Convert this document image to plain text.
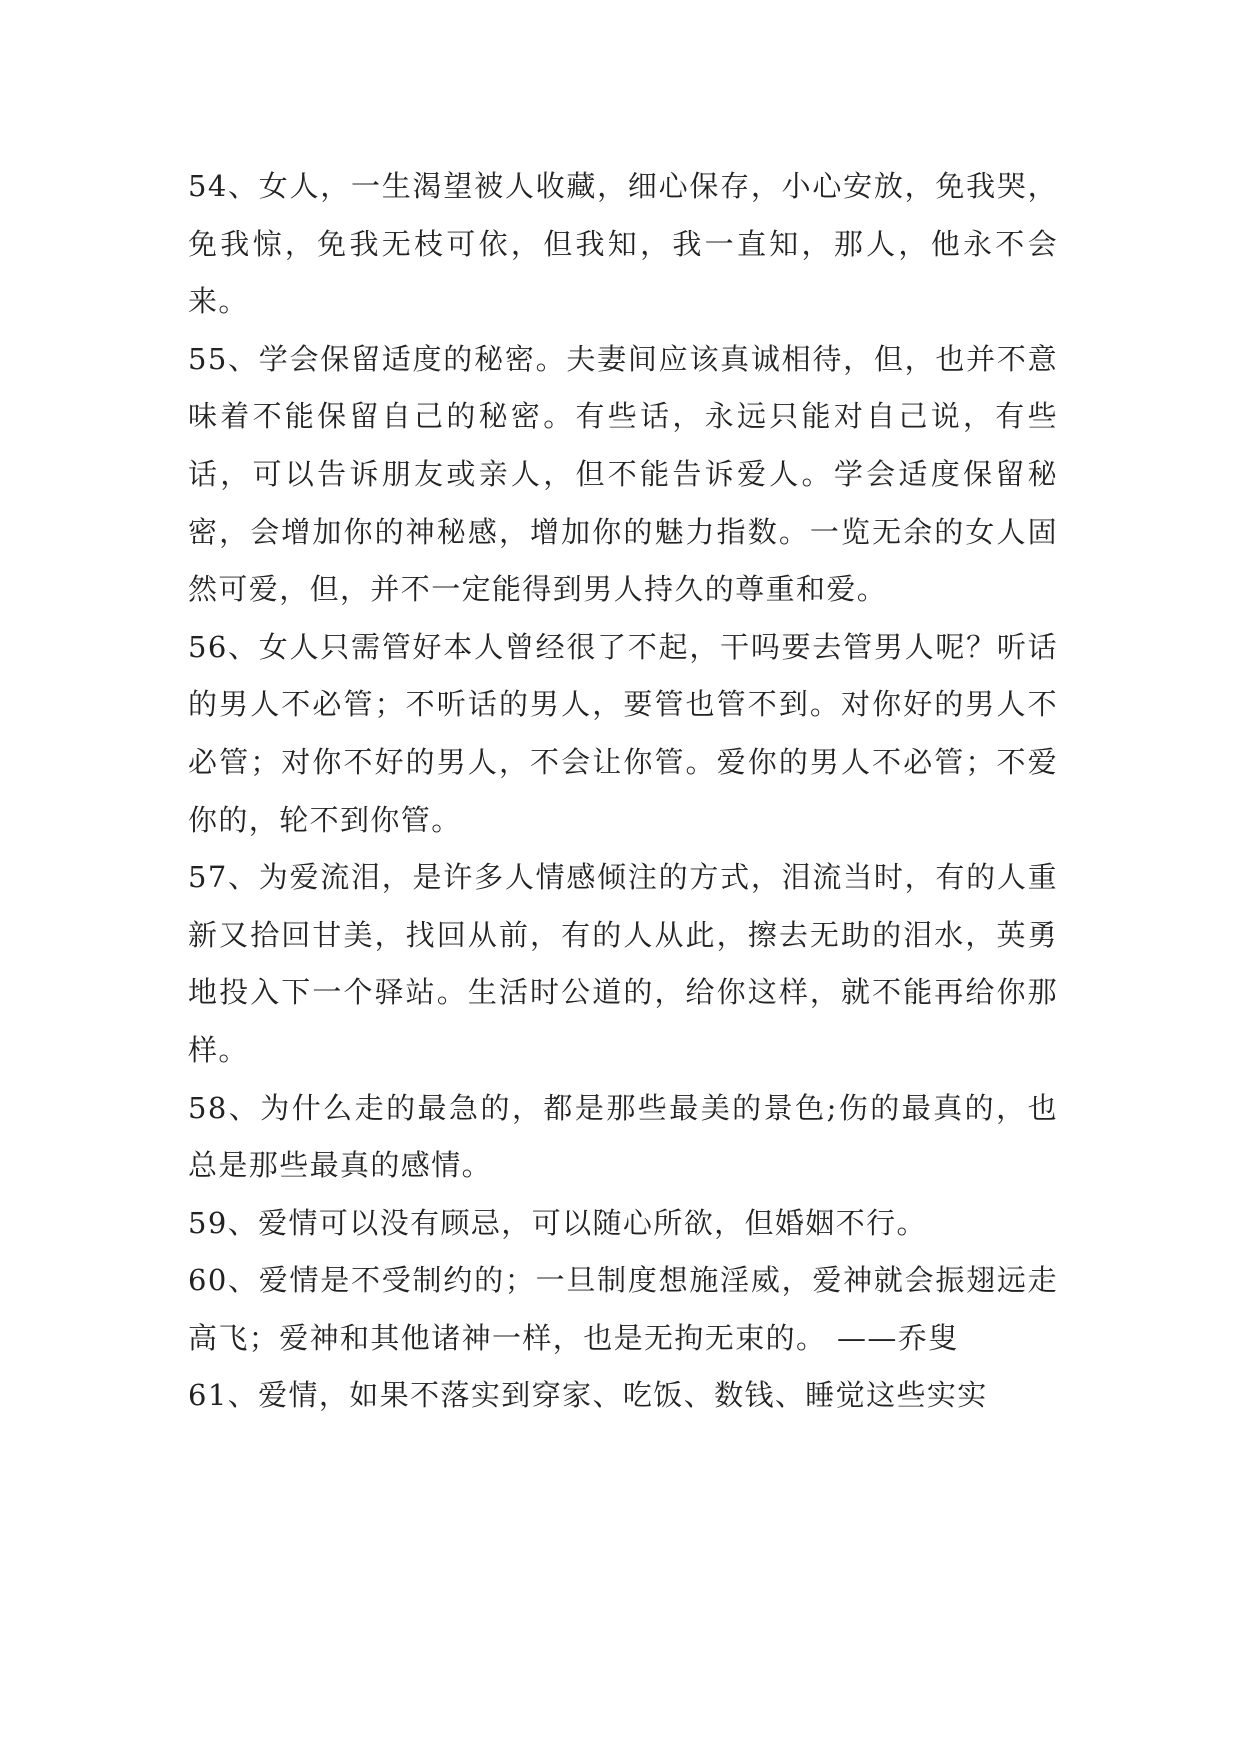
54、女人，一生渴望被人收藏，细心保存，小心安放，免我哭，免我惊，免我无枝可依，但我知，我一直知，那人，他永不会来。

55、学会保留适度的秘密。夫妻间应该真诚相待，但，也并不意味着不能保留自己的秘密。有些话，永远只能对自己说，有些话，可以告诉朋友或亲人，但不能告诉爱人。学会适度保留秘密，会增加你的神秘感，增加你的魅力指数。一览无余的女人固然可爱，但，并不一定能得到男人持久的尊重和爱。

56、女人只需管好本人曾经很了不起，干吗要去管男人呢？听话的男人不必管；不听话的男人，要管也管不到。对你好的男人不必管；对你不好的男人，不会让你管。爱你的男人不必管；不爱你的，轮不到你管。

57、为爱流泪，是许多人情感倾注的方式，泪流当时，有的人重新又拾回甘美，找回从前，有的人从此，擦去无助的泪水，英勇地投入下一个驿站。生活时公道的，给你这样，就不能再给你那样。

58、为什么走的最急的，都是那些最美的景色;伤的最真的，也总是那些最真的感情。

59、爱情可以没有顾忌，可以随心所欲，但婚姻不行。

60、爱情是不受制约的；一旦制度想施淫威，爱神就会振翅远走高飞；爱神和其他诸神一样，也是无拘无束的。 ——乔叟

61、爱情，如果不落实到穿家、吃饭、数钱、睡觉这些实实
